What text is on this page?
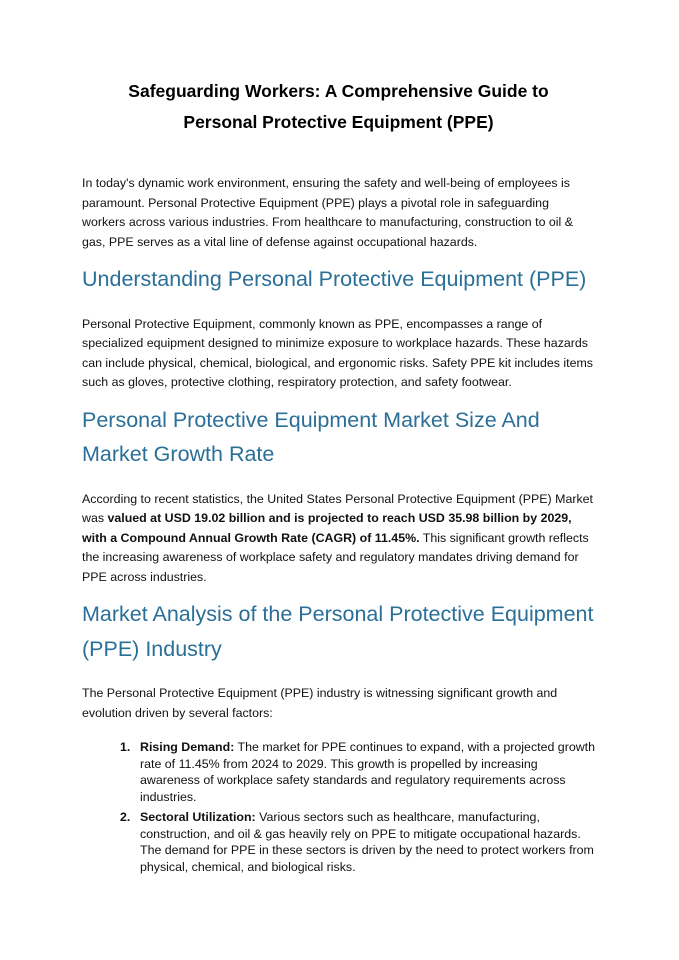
Safeguarding Workers: A Comprehensive Guide to
Personal Protective Equipment (PPE)

In today's dynamic work environment, ensuring the safety and well-being of employees is paramount. Personal Protective Equipment (PPE) plays a pivotal role in safeguarding workers across various industries. From healthcare to manufacturing, construction to oil & gas, PPE serves as a vital line of defense against occupational hazards.

Understanding Personal Protective Equipment (PPE)

Personal Protective Equipment, commonly known as PPE, encompasses a range of specialized equipment designed to minimize exposure to workplace hazards. These hazards can include physical, chemical, biological, and ergonomic risks. Safety PPE kit includes items such as gloves, protective clothing, respiratory protection, and safety footwear.

Personal Protective Equipment Market Size And Market Growth Rate

According to recent statistics, the United States Personal Protective Equipment (PPE) Market was valued at USD 19.02 billion and is projected to reach USD 35.98 billion by 2029, with a Compound Annual Growth Rate (CAGR) of 11.45%. This significant growth reflects the increasing awareness of workplace safety and regulatory mandates driving demand for PPE across industries.

Market Analysis of the Personal Protective Equipment (PPE) Industry

The Personal Protective Equipment (PPE) industry is witnessing significant growth and evolution driven by several factors:

1. Rising Demand: The market for PPE continues to expand, with a projected growth rate of 11.45% from 2024 to 2029. This growth is propelled by increasing awareness of workplace safety standards and regulatory requirements across industries.
2. Sectoral Utilization: Various sectors such as healthcare, manufacturing, construction, and oil & gas heavily rely on PPE to mitigate occupational hazards. The demand for PPE in these sectors is driven by the need to protect workers from physical, chemical, and biological risks.
